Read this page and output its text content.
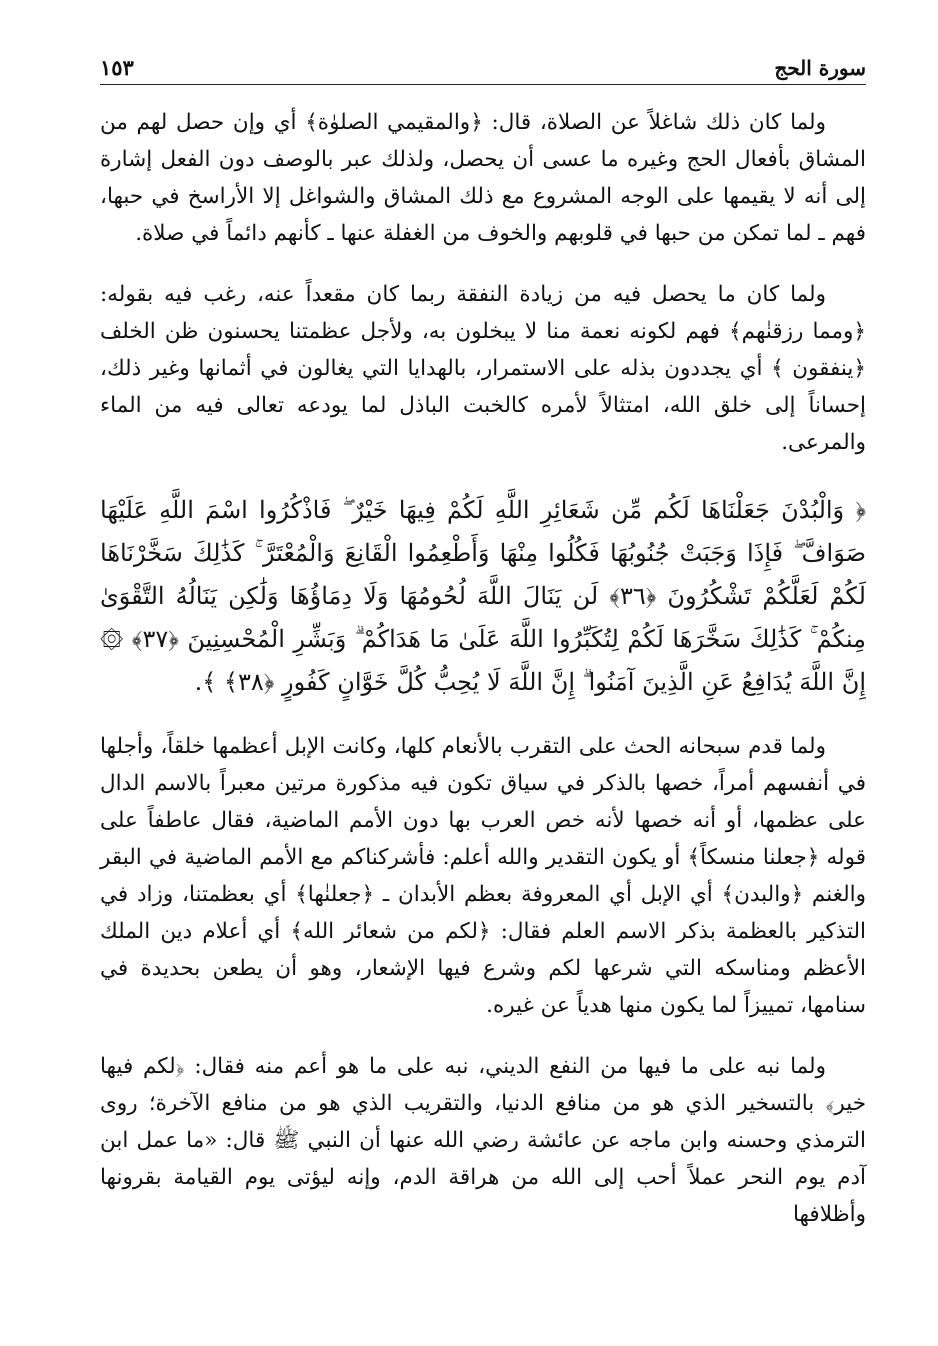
سورة الحج
١٥٣

ولما كان ذلك شاغلاً عن الصلاة، قال: ﴿والمقيمي الصلوٰة﴾ أي وإن حصل لهم من المشاق بأفعال الحج وغيره ما عسى أن يحصل، ولذلك عبر بالوصف دون الفعل إشارة إلى أنه لا يقيمها على الوجه المشروع مع ذلك المشاق والشواغل إلا الأراسخ في حبها، فهم ـ لما تمكن من حبها في قلوبهم والخوف من الغفلة عنها ـ كأنهم دائماً في صلاة.

ولما كان ما يحصل فيه من زيادة النفقة ربما كان مقعداً عنه، رغب فيه بقوله: ﴿ومما رزقنٰهم﴾ فهم لكونه نعمة منا لا يبخلون به، ولأجل عظمتنا يحسنون ظن الخلف ﴿ينفقون ﴾ أي يجددون بذله على الاستمرار، بالهدايا التي يغالون في أثمانها وغير ذلك، إحساناً إلى خلق الله، امتثالاً لأمره كالخبت الباذل لما يودعه تعالى فيه من الماء والمرعى.

﴿ وَالْبُدْنَ جَعَلْنَاهَا لَكُم مِّن شَعَائِرِ اللَّهِ لَكُمْ فِيهَا خَيْرٌ ۖ فَاذْكُرُوا اسْمَ اللَّهِ عَلَيْهَا صَوَافَّ ۖ فَإِذَا وَجَبَتْ جُنُوبُهَا فَكُلُوا مِنْهَا وَأَطْعِمُوا الْقَانِعَ وَالْمُعْتَرَّ ۚ كَذَٰلِكَ سَخَّرْنَاهَا لَكُمْ لَعَلَّكُمْ تَشْكُرُونَ ﴿٣٦﴾ لَن يَنَالَ اللَّهَ لُحُومُهَا وَلَا دِمَاؤُهَا وَلَٰكِن يَنَالُهُ التَّقْوَىٰ مِنكُمْ ۚ كَذَٰلِكَ سَخَّرَهَا لَكُمْ لِتُكَبِّرُوا اللَّهَ عَلَىٰ مَا هَدَاكُمْ ۗ وَبَشِّرِ الْمُحْسِنِينَ ﴿٣٧﴾ ۞ إِنَّ اللَّهَ يُدَافِعُ عَنِ الَّذِينَ آمَنُوا ۗ إِنَّ اللَّهَ لَا يُحِبُّ كُلَّ خَوَّانٍ كَفُورٍ ﴿٣٨﴾ ﴾.

ولما قدم سبحانه الحث على التقرب بالأنعام كلها، وكانت الإبل أعظمها خلقاً، وأجلها في أنفسهم أمراً، خصها بالذكر في سياق تكون فيه مذكورة مرتين معبراً بالاسم الدال على عظمها، أو أنه خصها لأنه خص العرب بها دون الأمم الماضية، فقال عاطفاً على قوله ﴿جعلنا منسكاً﴾ أو يكون التقدير والله أعلم: فأشركناكم مع الأمم الماضية في البقر والغنم ﴿والبدن﴾ أي الإبل أي المعروفة بعظم الأبدان ـ ﴿جعلنٰها﴾ أي بعظمتنا، وزاد في التذكير بالعظمة بذكر الاسم العلم فقال: ﴿لكم من شعائر الله﴾ أي أعلام دين الملك الأعظم ومناسكه التي شرعها لكم وشرع فيها الإشعار، وهو أن يطعن بحديدة في سنامها، تمييزاً لما يكون منها هدياً عن غيره.

ولما نبه على ما فيها من النفع الديني، نبه على ما هو أعم منه فقال: ﴿لكم فيها خير﴾ بالتسخير الذي هو من منافع الدنيا، والتقريب الذي هو من منافع الآخرة؛ روى الترمذي وحسنه وابن ماجه عن عائشة رضي الله عنها أن النبي ﷺ قال: «ما عمل ابن آدم يوم النحر عملاً أحب إلى الله من هراقة الدم، وإنه ليؤتى يوم القيامة بقرونها وأظلافها
